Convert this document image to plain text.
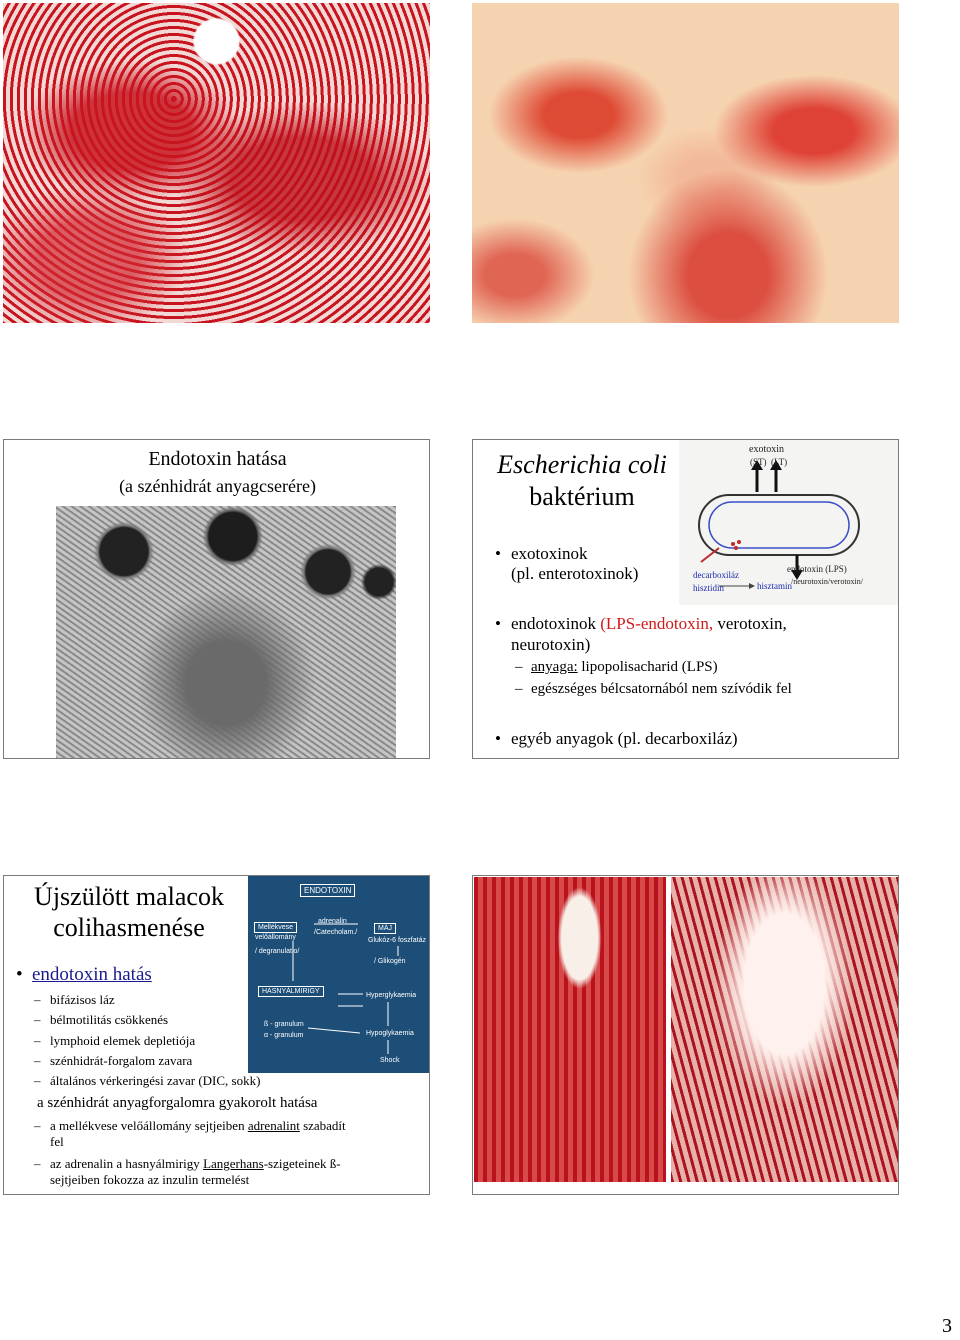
Endotoxin hatása
(a szénhidrát anyagcserére)
Escherichia coli
baktérium
exotoxin
(ST) (LT)
decarboxiláz
hisztidin	hisztamin
endotoxin (LPS)
/neurotoxin/verotoxin/
• exotoxinok
(pl. enterotoxinok)
• endotoxinok (LPS-endotoxin, verotoxin,
neurotoxin)
– anyaga: lipopolisacharid (LPS)
– egészséges bélcsatornából nem szívódik fel
• egyéb anyagok (pl. decarboxiláz)
Újszülött malacok
colihasmenése
ENDOTOXIN
Mellékvese
velőállomány
/ degranulatio/
adrenalin
/Catecholam./
MÁJ
Glukóz-6 foszfatáz
/ Glikogén
HASNYÁLMIRIGY
Hyperglykaemia
ß - granulum
α - granulum	Hypoglykaemia
Shock
• endotoxin hatás
– bifázisos láz
– bélmotilitás csökkenés
– lymphoid elemek depletiója
– szénhidrát-forgalom zavara
– általános vérkeringési zavar (DIC, sokk)
a szénhidrát anyagforgalomra gyakorolt hatása
– a mellékvese velőállomány sejtjeiben adrenalint szabadít
fel
– az adrenalin a hasnyálmirigy Langerhans-szigeteinek ß-
sejtjeiben fokozza az inzulin termelést
3
